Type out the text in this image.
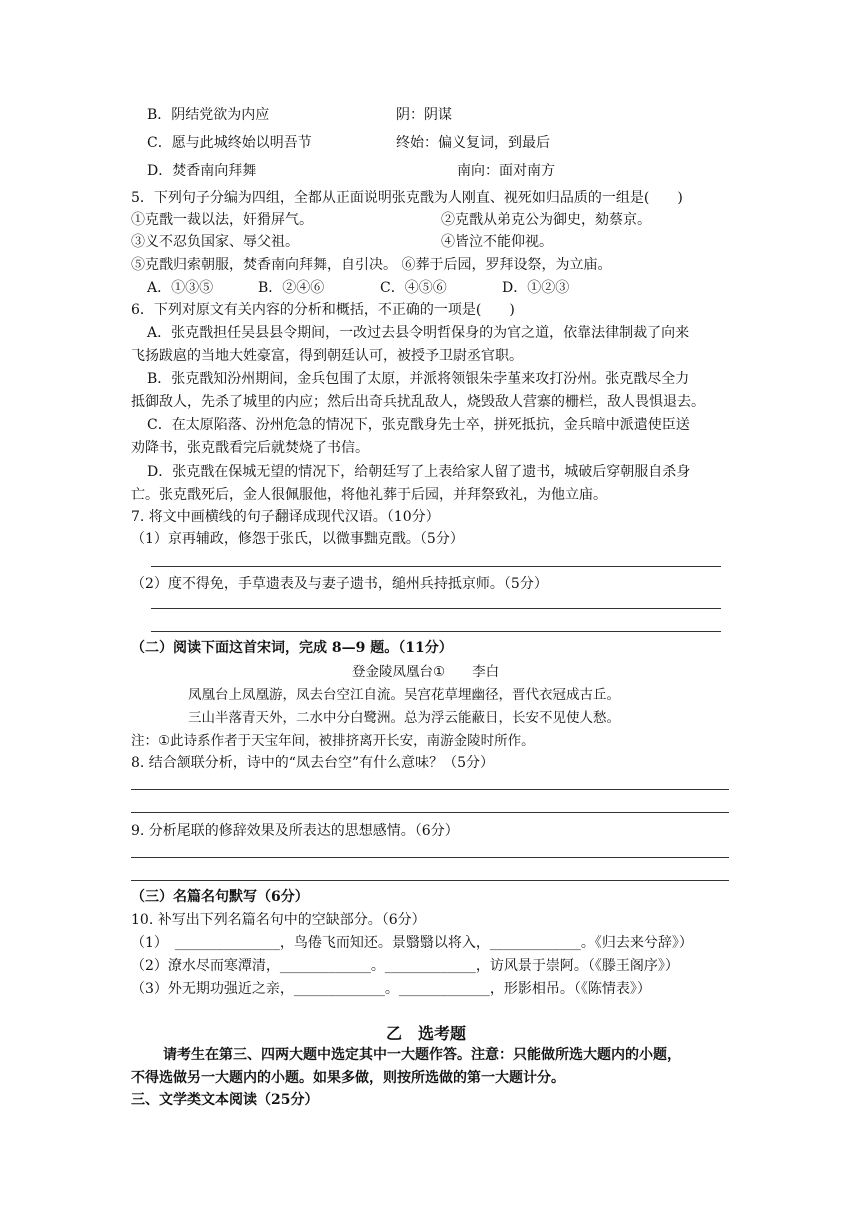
B．阴结党欲为内应	阴：阴谋
C．愿与此城终始以明吾节	终始：偏义复词，到最后
D．焚香南向拜舞	南向：面对南方
5．下列句子分编为四组，全都从正面说明张克戬为人刚直、视死如归品质的一组是(　　)
①克戬一裁以法，奸猾屏气。	②克戬从弟克公为御史，劾蔡京。
③义不忍负国家、辱父祖。	④皆泣不能仰视。
⑤克戬归索朝服，焚香南向拜舞，自引决。 ⑥葬于后园，罗拜设祭，为立庙。
A．①③⑤	B．②④⑥	C．④⑤⑥	D．①②③
6．下列对原文有关内容的分析和概括，不正确的一项是(　　)
A．张克戬担任吴县县令期间，一改过去县令明哲保身的为官之道，依靠法律制裁了向来
飞扬跋扈的当地大姓豪富，得到朝廷认可，被授予卫尉丞官职。
B．张克戬知汾州期间，金兵包围了太原，并派将领银朱孛堇来攻打汾州。张克戬尽全力
抵御敌人，先杀了城里的内应；然后出奇兵扰乱敌人，烧毁敌人营寨的栅栏，敌人畏惧退去。
C．在太原陷落、汾州危急的情况下，张克戬身先士卒，拼死抵抗，金兵暗中派遣使臣送
劝降书，张克戬看完后就焚烧了书信。
D．张克戬在保城无望的情况下，给朝廷写了上表给家人留了遗书，城破后穿朝服自杀身
亡。张克戬死后，金人很佩服他，将他礼葬于后园，并拜祭致礼，为他立庙。
7. 将文中画横线的句子翻译成现代汉语。（10分）
（1）京再辅政，修怨于张氏，以微事黜克戬。（5分）
（2）度不得免，手草遗表及与妻子遗书，缒州兵持抵京师。（5分）
（二）阅读下面这首宋词，完成 8—9 题。（11分）
登金陵凤凰台①　　李白
凤凰台上凤凰游，凤去台空江自流。吴宫花草埋幽径，晋代衣冠成古丘。
三山半落青天外，二水中分白鹭洲。总为浮云能蔽日，长安不见使人愁。
注：①此诗系作者于天宝年间，被排挤离开长安，南游金陵时所作。
8. 结合颔联分析，诗中的“凤去台空”有什么意味？（5分）
9. 分析尾联的修辞效果及所表达的思想感情。（6分）
（三）名篇名句默写（6分）
10. 补写出下列名篇名句中的空缺部分。（6分）
（1）　_______________，鸟倦飞而知还。景翳翳以将入，_____________。《归去来兮辞》）
（2）潦水尽而寒潭清，_____________。_____________，访风景于崇阿。（《滕王阁序》）
（3）外无期功强近之亲，_____________。_____________，形影相吊。（《陈情表》）
乙　选考题
请考生在第三、四两大题中选定其中一大题作答。注意：只能做所选大题内的小题，
不得选做另一大题内的小题。如果多做，则按所选做的第一大题计分。
三、文学类文本阅读（25分）
